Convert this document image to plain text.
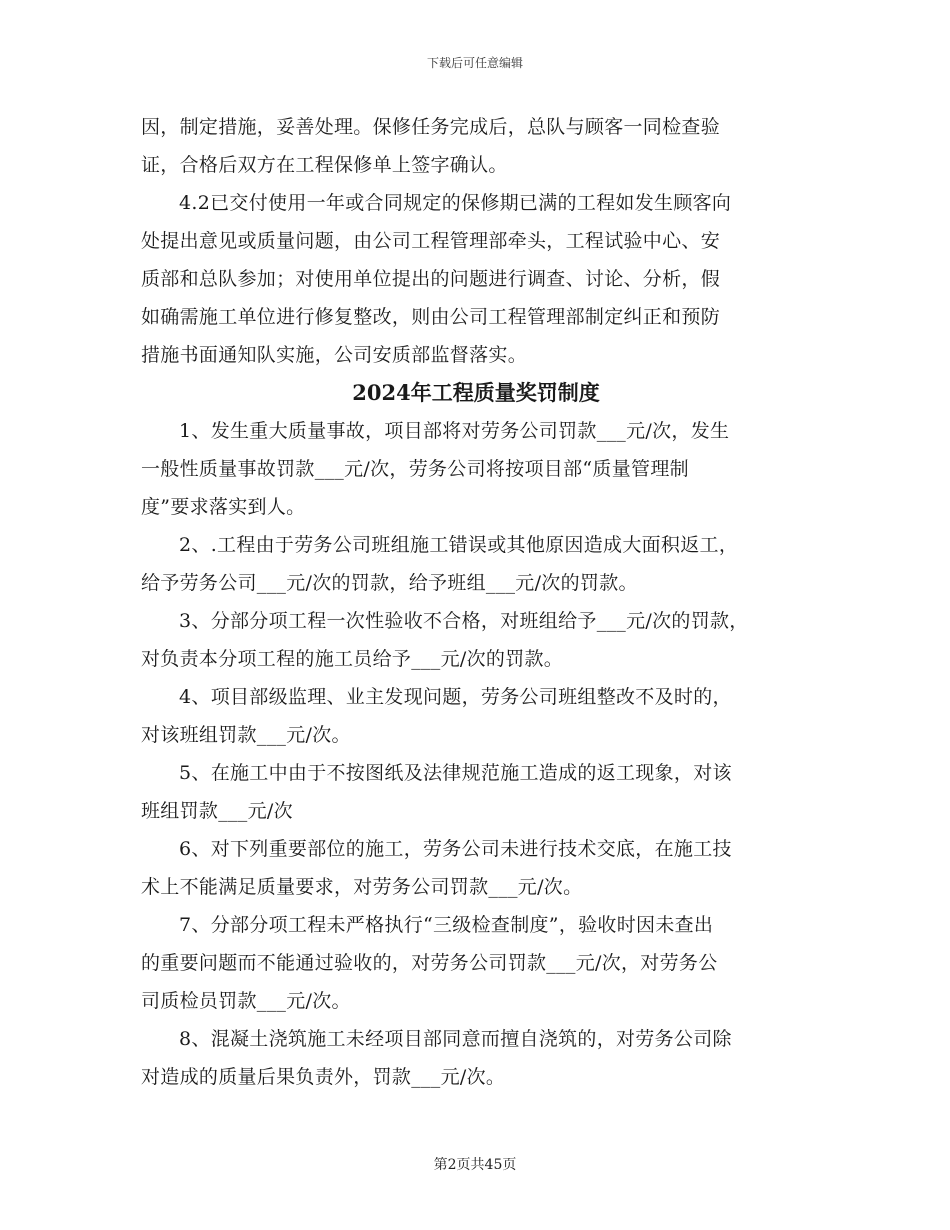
下载后可任意编辑
因，制定措施，妥善处理。保修任务完成后，总队与顾客一同检查验
证，合格后双方在工程保修单上签字确认。
4.2已交付使用一年或合同规定的保修期已满的工程如发生顾客向
处提出意见或质量问题，由公司工程管理部牵头，工程试验中心、安
质部和总队参加；对使用单位提出的问题进行调查、讨论、分析，假
如确需施工单位进行修复整改，则由公司工程管理部制定纠正和预防
措施书面通知队实施，公司安质部监督落实。
2024年工程质量奖罚制度
1、发生重大质量事故，项目部将对劳务公司罚款___元/次，发生
一般性质量事故罚款___元/次，劳务公司将按项目部“质量管理制
度”要求落实到人。
2、.工程由于劳务公司班组施工错误或其他原因造成大面积返工，
给予劳务公司___元/次的罚款，给予班组___元/次的罚款。
3、分部分项工程一次性验收不合格，对班组给予___元/次的罚款，
对负责本分项工程的施工员给予___元/次的罚款。
4、项目部级监理、业主发现问题，劳务公司班组整改不及时的，
对该班组罚款___元/次。
5、在施工中由于不按图纸及法律规范施工造成的返工现象，对该
班组罚款___元/次
6、对下列重要部位的施工，劳务公司未进行技术交底，在施工技
术上不能满足质量要求，对劳务公司罚款___元/次。
7、分部分项工程未严格执行“三级检查制度”，验收时因未查出
的重要问题而不能通过验收的，对劳务公司罚款___元/次，对劳务公
司质检员罚款___元/次。
8、混凝土浇筑施工未经项目部同意而擅自浇筑的，对劳务公司除
对造成的质量后果负责外，罚款___元/次。
第2页共45页
